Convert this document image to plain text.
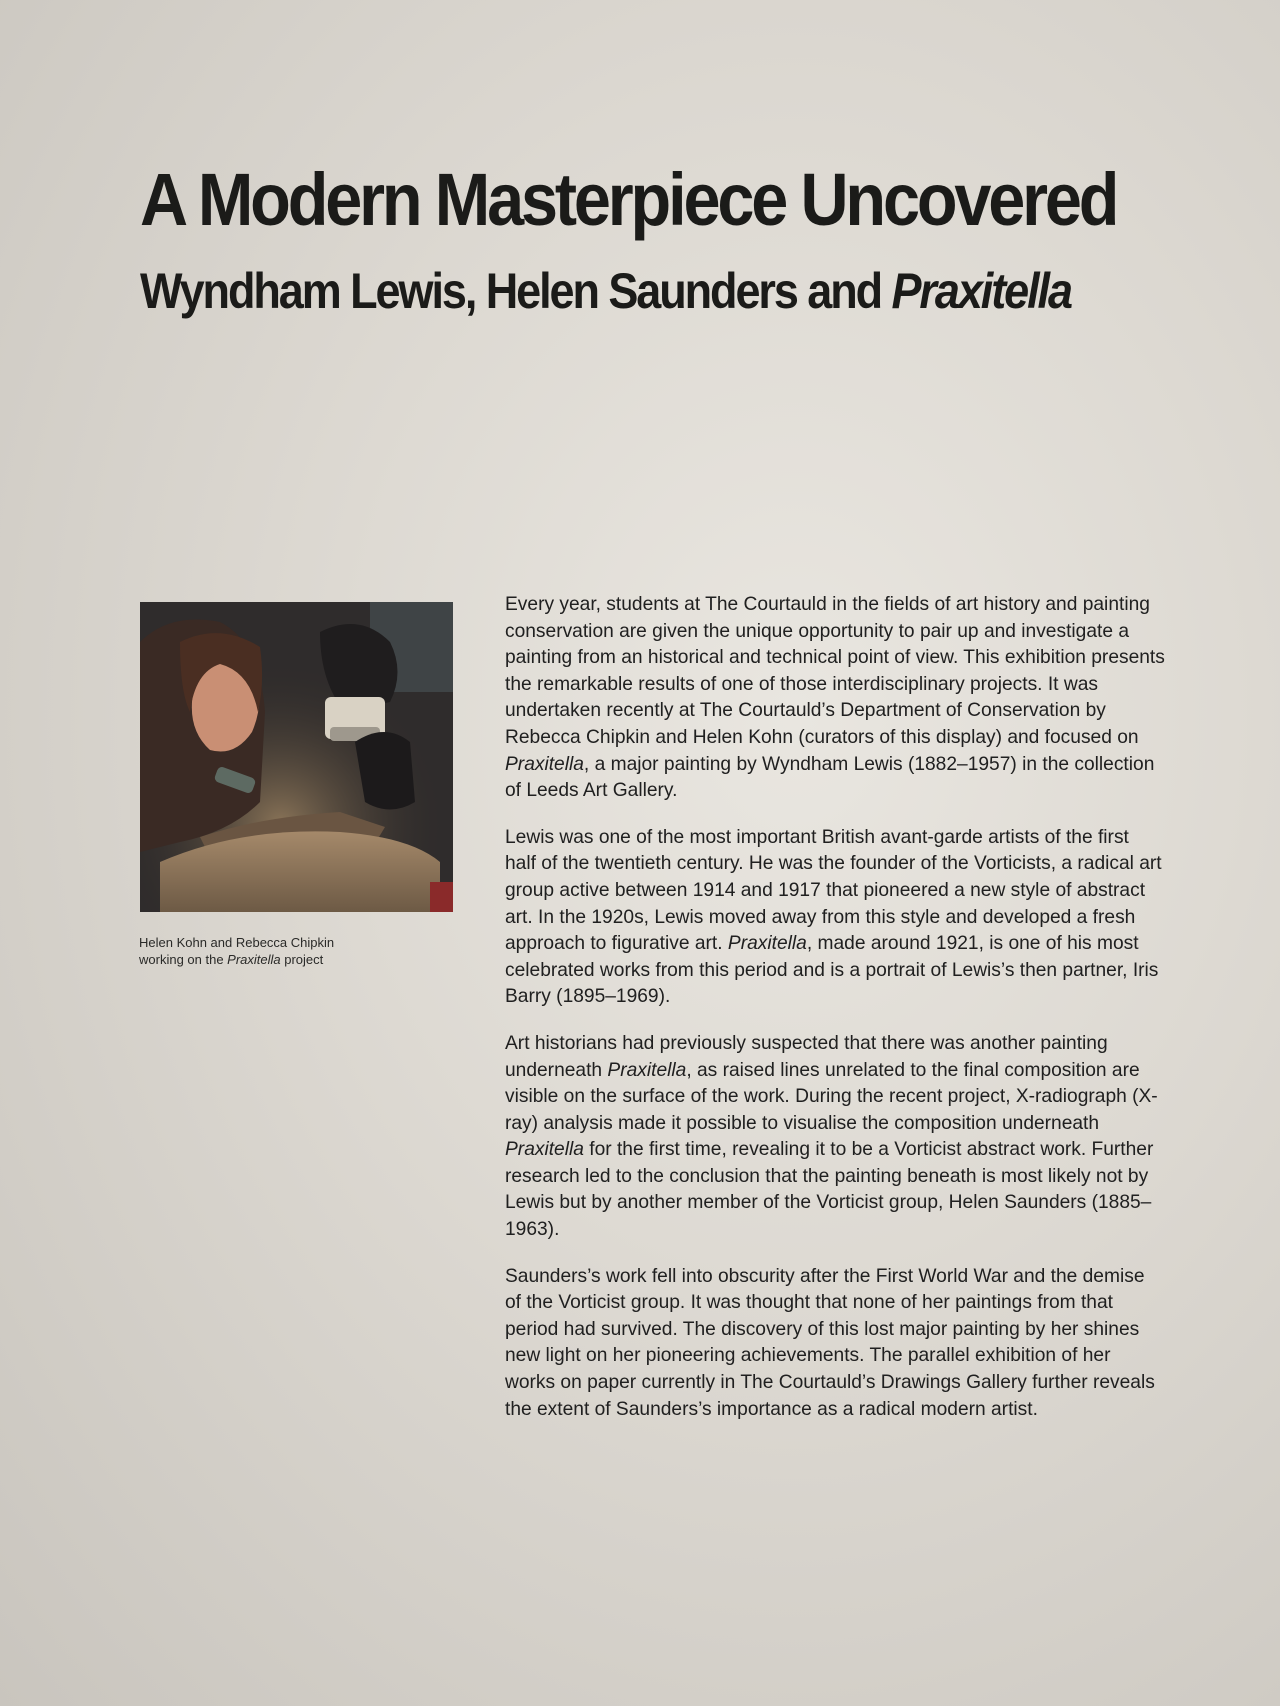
A Modern Masterpiece Uncovered
Wyndham Lewis, Helen Saunders and Praxitella
Helen Kohn and Rebecca Chipkin
working on the Praxitella project

Every year, students at The Courtauld in the fields of art history and painting conservation are given the unique opportunity to pair up and investigate a painting from an historical and technical point of view. This exhibition presents the remarkable results of one of those interdisciplinary projects. It was undertaken recently at The Courtauld’s Department of Conservation by Rebecca Chipkin and Helen Kohn (curators of this display) and focused on Praxitella, a major painting by Wyndham Lewis (1882–1957) in the collection of Leeds Art Gallery.

Lewis was one of the most important British avant-garde artists of the first half of the twentieth century. He was the founder of the Vorticists, a radical art group active between 1914 and 1917 that pioneered a new style of abstract art. In the 1920s, Lewis moved away from this style and developed a fresh approach to figurative art. Praxitella, made around 1921, is one of his most celebrated works from this period and is a portrait of Lewis’s then partner, Iris Barry (1895–1969).

Art historians had previously suspected that there was another painting underneath Praxitella, as raised lines unrelated to the final composition are visible on the surface of the work. During the recent project, X-radiograph (X-ray) analysis made it possible to visualise the composition underneath Praxitella for the first time, revealing it to be a Vorticist abstract work. Further research led to the conclusion that the painting beneath is most likely not by Lewis but by another member of the Vorticist group, Helen Saunders (1885–1963).

Saunders’s work fell into obscurity after the First World War and the demise of the Vorticist group. It was thought that none of her paintings from that period had survived. The discovery of this lost major painting by her shines new light on her pioneering achievements. The parallel exhibition of her works on paper currently in The Courtauld’s Drawings Gallery further reveals the extent of Saunders’s importance as a radical modern artist.
